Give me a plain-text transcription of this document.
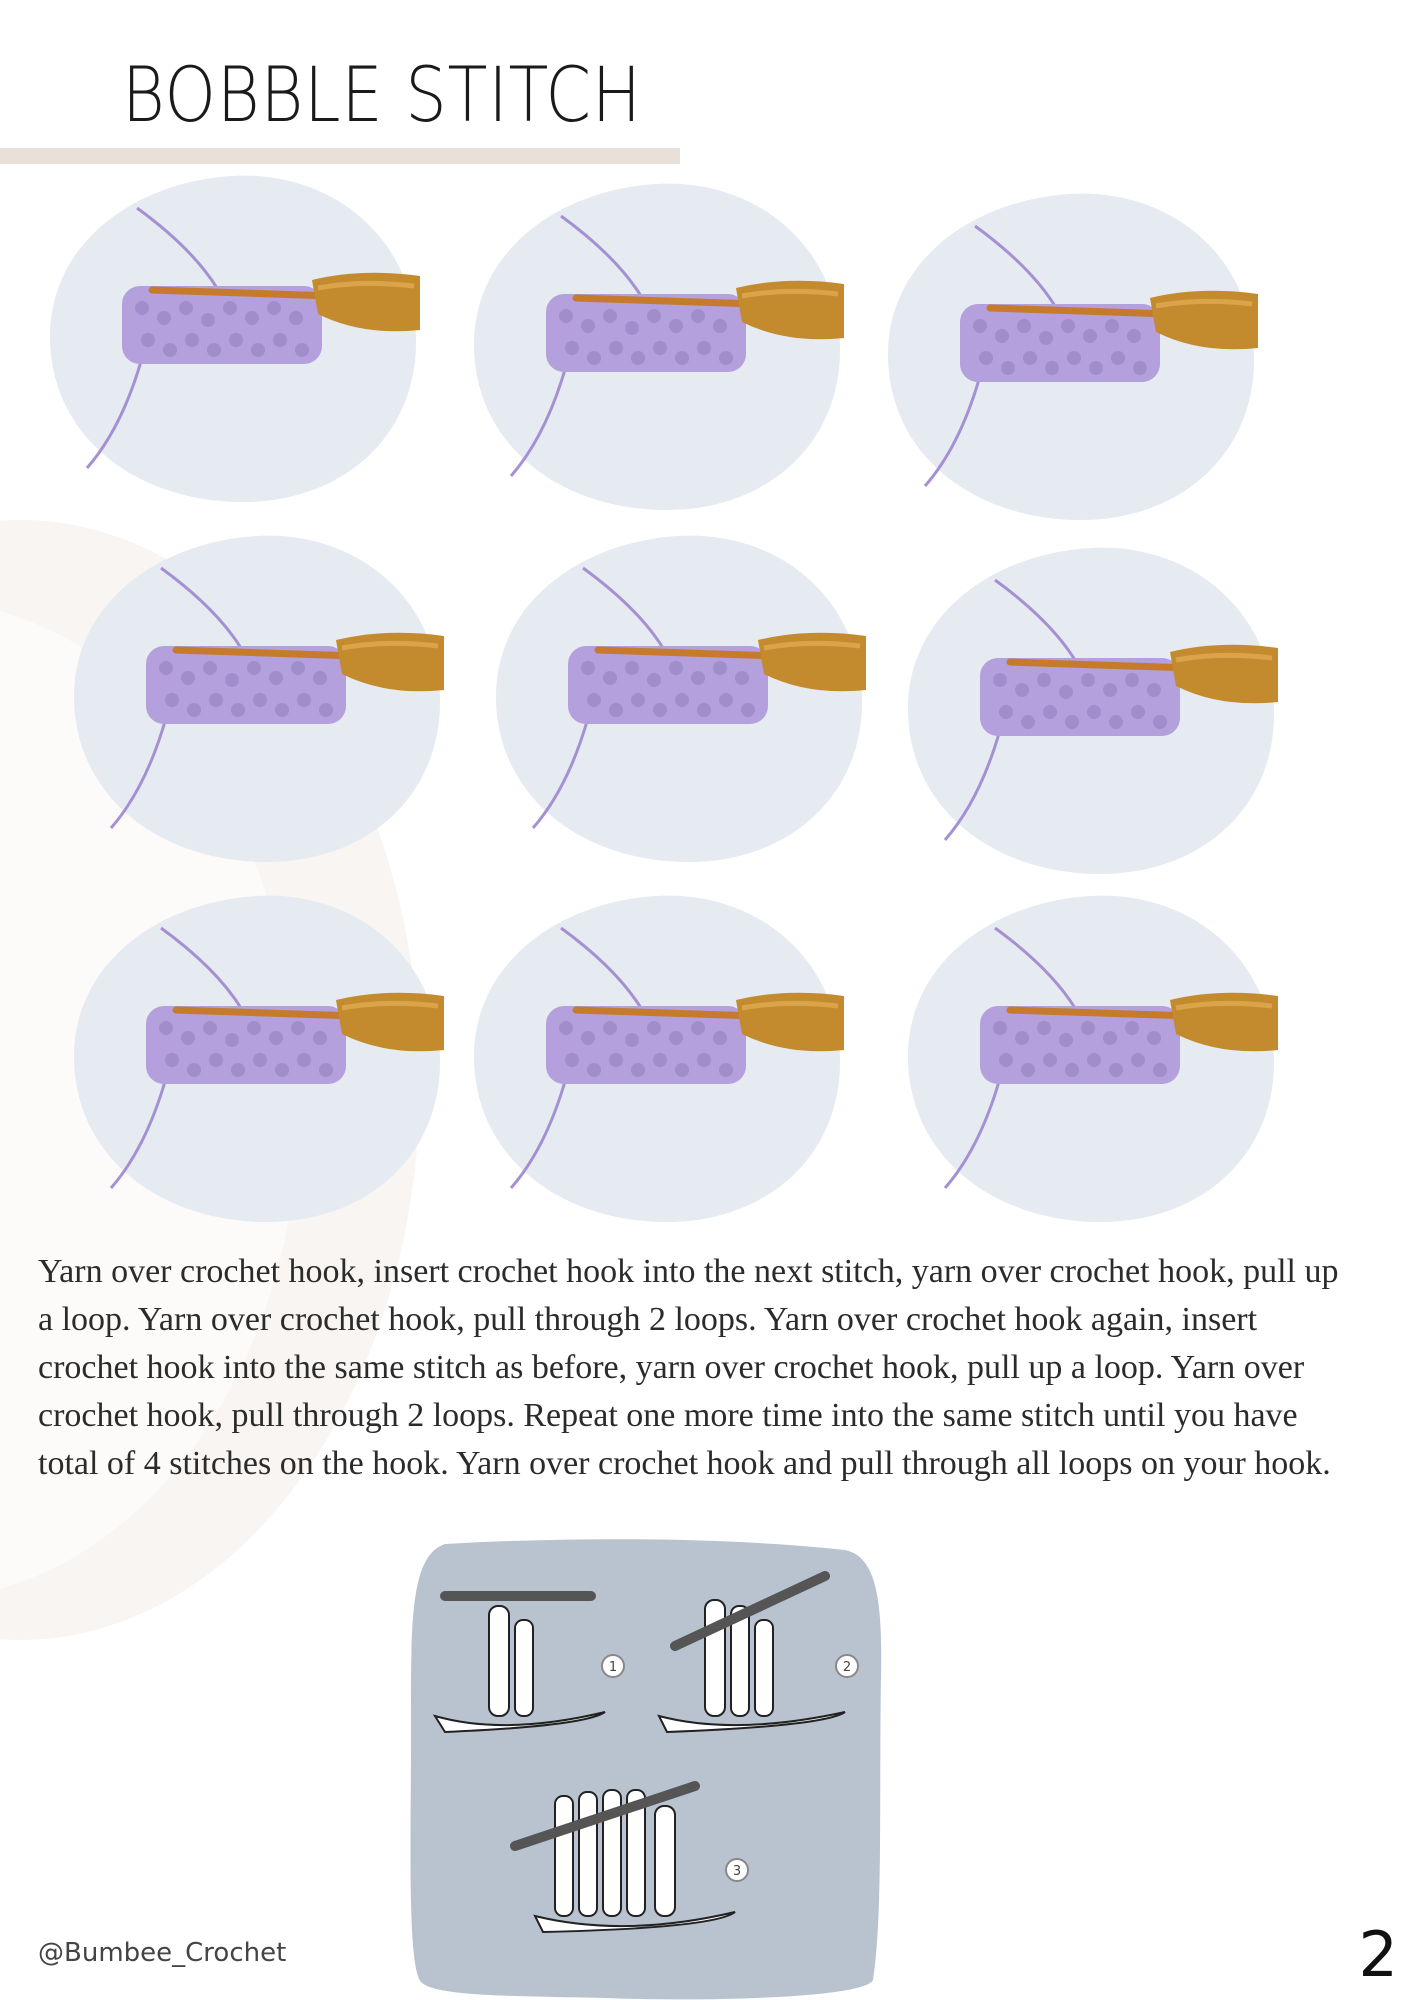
BOBBLE STITCH

Yarn over crochet hook, insert crochet hook into the next stitch, yarn over crochet hook, pull up a loop. Yarn over crochet hook, pull through 2 loops. Yarn over crochet hook again, insert crochet hook into the same stitch as before, yarn over crochet hook, pull up a loop. Yarn over crochet hook, pull through 2 loops. Repeat one more time into the same stitch until you have total of 4 stitches on the hook. Yarn over crochet hook and pull through all loops on your hook.

1	2
3

@Bumbee_Crochet	2
